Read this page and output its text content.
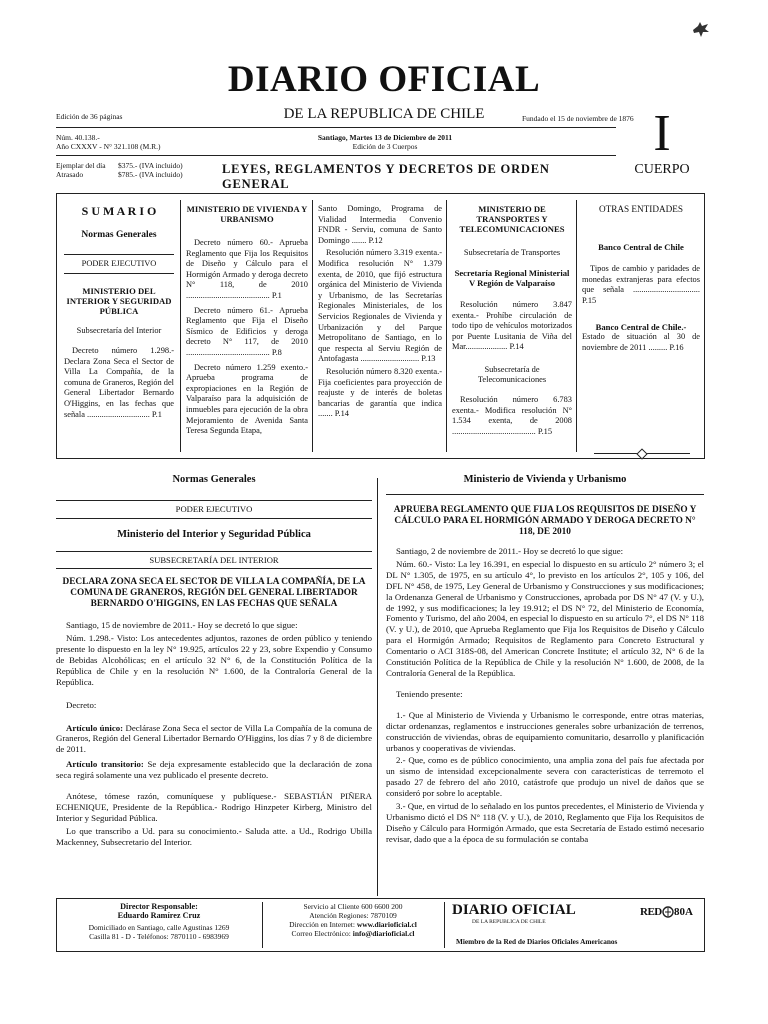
DIARIO OFICIAL
DE LA REPUBLICA DE CHILE
Edición de 36 páginas	Fundado el 15 de noviembre de 1876
Núm. 40.138.-
Año CXXXV - N° 321.108 (M.R.)
Santiago, Martes 13 de Diciembre de 2011
Edición de 3 Cuerpos
Ejemplar del día	$375.- (IVA incluido)
Atrasado	$785.- (IVA incluido)	LEYES, REGLAMENTOS Y DECRETOS DE ORDEN GENERAL
I
CUERPO

S U M A R I O

Normas Generales

PODER EJECUTIVO

MINISTERIO DEL INTERIOR Y SEGURIDAD PÚBLICA

Subsecretaría del Interior

Decreto número 1.298.- Declara Zona Seca el Sector de Villa La Compañía, de la comuna de Graneros, Región del General Libertador Bernardo O'Higgins, en las fechas que señala .............................. P.1

MINISTERIO DE VIVIENDA Y URBANISMO

Decreto número 60.- Aprueba Reglamento que Fija los Requisitos de Diseño y Cálculo para el Hormigón Armado y deroga decreto N° 118, de 2010 ........................................ P.1

Decreto número 61.- Aprueba Reglamento que Fija el Diseño Sísmico de Edificios y deroga decreto N° 117, de 2010 ........................................ P.8

Decreto número 1.259 exento.- Aprueba programa de expropiaciones en la Región de Valparaíso para la adquisición de inmuebles para ejecución de la obra Mejoramiento de Avenida Santa Teresa Segunda Etapa,

Santo Domingo, Programa de Vialidad Intermedia Convenio FNDR - Serviu, comuna de Santo Domingo ....... P.12

Resolución número 3.319 exenta.- Modifica resolución N° 1.379 exenta, de 2010, que fijó estructura orgánica del Ministerio de Vivienda y Urbanismo, de las Secretarías Regionales Ministeriales, de los Servicios Regionales de Vivienda y Urbanización y del Parque Metropolitano de Santiago, en lo que respecta al Serviu Región de Antofagasta ............................ P.13

Resolución número 8.320 exenta.- Fija coeficientes para proyección de reajuste y de interés de boletas bancarias de garantía que indica ....... P.14

MINISTERIO DE TRANSPORTES Y TELECOMUNICACIONES

Subsecretaría de Transportes

Secretaría Regional Ministerial V Región de Valparaíso

Resolución número 3.847 exenta.- Prohíbe circulación de todo tipo de vehículos motorizados por Puente Lusitania de Viña del Mar.................... P.14

Subsecretaría de Telecomunicaciones

Resolución número 6.783 exenta.- Modifica resolución N° 1.534 exenta, de 2008 ........................................ P.15

OTRAS ENTIDADES

Banco Central de Chile

Tipos de cambio y paridades de monedas extranjeras para efectos que señala ................................ P.15

Banco Central de Chile.-

Estado de situación al 30 de noviembre de 2011 ......... P.16

Normas Generales

PODER EJECUTIVO

Ministerio del Interior y Seguridad Pública

SUBSECRETARÍA DEL INTERIOR

DECLARA ZONA SECA EL SECTOR DE VILLA LA COMPAÑÍA, DE LA COMUNA DE GRANEROS, REGIÓN DEL GENERAL LIBERTADOR BERNARDO O'HIGGINS, EN LAS FECHAS QUE SEÑALA

Santiago, 15 de noviembre de 2011.- Hoy se decretó lo que sigue:

Núm. 1.298.- Visto: Los antecedentes adjuntos, razones de orden público y teniendo presente lo dispuesto en la ley N° 19.925, artículos 22 y 23, sobre Expendio y Consumo de Bebidas Alcohólicas; en el artículo 32 N° 6, de la Constitución Política de la República de Chile y en la resolución N° 1.600, de la Contraloría General de la República.

Decreto:

Artículo único: Declárase Zona Seca el sector de Villa La Compañía de la comuna de Graneros, Región del General Libertador Bernardo O'Higgins, los días 7 y 8 de diciembre de 2011.

Artículo transitorio: Se deja expresamente establecido que la declaración de zona seca regirá solamente una vez publicado el presente decreto.

Anótese, tómese razón, comuníquese y publíquese.- SEBASTIÁN PIÑERA ECHENIQUE, Presidente de la República.- Rodrigo Hinzpeter Kirberg, Ministro del Interior y Seguridad Pública.

Lo que transcribo a Ud. para su conocimiento.- Saluda atte. a Ud., Rodrigo Ubilla Mackenney, Subsecretario del Interior.

Ministerio de Vivienda y Urbanismo

APRUEBA REGLAMENTO QUE FIJA LOS REQUISITOS DE DISEÑO Y CÁLCULO PARA EL HORMIGÓN ARMADO Y DEROGA DECRETO N° 118, DE 2010

Santiago, 2 de noviembre de 2011.- Hoy se decretó lo que sigue:

Núm. 60.- Visto: La ley 16.391, en especial lo dispuesto en su artículo 2° número 3; el DL N° 1.305, de 1975, en su artículo 4°, lo previsto en los artículos 2°, 105 y 106, del DFL N° 458, de 1975, Ley General de Urbanismo y Construcciones y sus modificaciones; la Ordenanza General de Urbanismo y Construcciones, aprobada por DS N° 47 (V. y U.), de 1992, y sus modificaciones; la ley 19.912; el DS N° 72, del Ministerio de Economía, Fomento y Turismo, del año 2004, en especial lo dispuesto en su artículo 7°, el DS N° 118 (V. y U.), de 2010, que Aprueba Reglamento que Fija los Requisitos de Diseño y Cálculo para el Hormigón Armado; Requisitos de Reglamento para Concreto Estructural y Comentario o ACI 318S-08, del American Concrete Institute; el artículo 32, N° 6 de la Constitución Política de la República de Chile y la resolución N° 1.600, de 2008, de la Contraloría General de la República.

Teniendo presente:

1.- Que al Ministerio de Vivienda y Urbanismo le corresponde, entre otras materias, dictar ordenanzas, reglamentos e instrucciones generales sobre urbanización de terrenos, construcción de viviendas, obras de equipamiento comunitario, desarrollo y planificación urbanos y cooperativas de viviendas.

2.- Que, como es de público conocimiento, una amplia zona del país fue afectada por un sismo de intensidad excepcionalmente severa con características de terremoto el pasado 27 de febrero del año 2010, catástrofe que produjo un nivel de daños que se consideró por sobre lo aceptable.

3.- Que, en virtud de lo señalado en los puntos precedentes, el Ministerio de Vivienda y Urbanismo dictó el DS N° 118 (V. y U.), de 2010, Reglamento que Fija los Requisitos de Diseño y Cálculo para Hormigón Armado, que esta Secretaría de Estado estimó necesario revisar, dado que a la época de su formulación se contaba

Director Responsable:
Eduardo Ramírez Cruz
Domiciliado en Santiago, calle Agustinas 1269
Casilla 81 - D - Teléfonos: 7870110 - 6983969
Servicio al Cliente 600 6600 200
Atención Regiones: 7870109
Dirección en Internet: www.diarioficial.cl
Correo Electrónico: info@diarioficial.cl
DIARIO OFICIAL
DE LA REPUBLICA DE CHILE
RED 80A
Miembro de la Red de Diarios Oficiales Americanos
